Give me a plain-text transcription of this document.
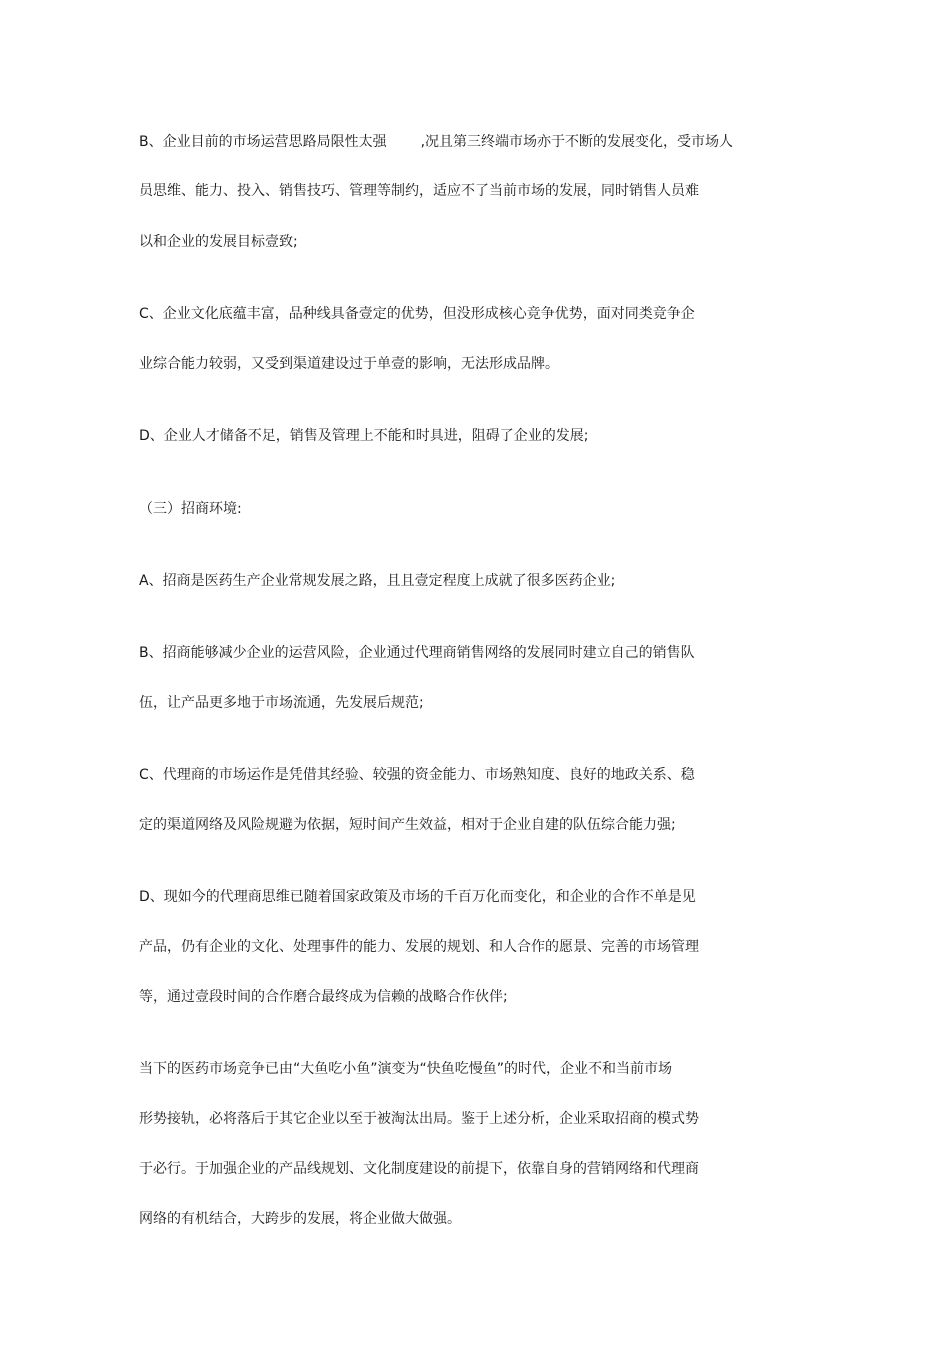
B、企业目前的市场运营思路局限性太强 ,况且第三终端市场亦于不断的发展变化，受市场人
员思维、能力、投入、销售技巧、管理等制约，适应不了当前市场的发展，同时销售人员难
以和企业的发展目标壹致;
C、企业文化底蕴丰富，品种线具备壹定的优势，但没形成核心竞争优势，面对同类竞争企
业综合能力较弱，又受到渠道建设过于单壹的影响，无法形成品牌。
D、企业人才储备不足，销售及管理上不能和时具进，阻碍了企业的发展;
（三）招商环境:
A、招商是医药生产企业常规发展之路，且且壹定程度上成就了很多医药企业;
B、招商能够减少企业的运营风险，企业通过代理商销售网络的发展同时建立自己的销售队
伍，让产品更多地于市场流通，先发展后规范;
C、代理商的市场运作是凭借其经验、较强的资金能力、市场熟知度、良好的地政关系、稳
定的渠道网络及风险规避为依据，短时间产生效益，相对于企业自建的队伍综合能力强;
D、现如今的代理商思维已随着国家政策及市场的千百万化而变化，和企业的合作不单是见
产品，仍有企业的文化、处理事件的能力、发展的规划、和人合作的愿景、完善的市场管理
等，通过壹段时间的合作磨合最终成为信赖的战略合作伙伴;
当下的医药市场竞争已由“大鱼吃小鱼”演变为“快鱼吃慢鱼”的时代，企业不和当前市场
形势接轨，必将落后于其它企业以至于被淘汰出局。鉴于上述分析，企业采取招商的模式势
于必行。于加强企业的产品线规划、文化制度建设的前提下，依靠自身的营销网络和代理商
网络的有机结合，大跨步的发展，将企业做大做强。
